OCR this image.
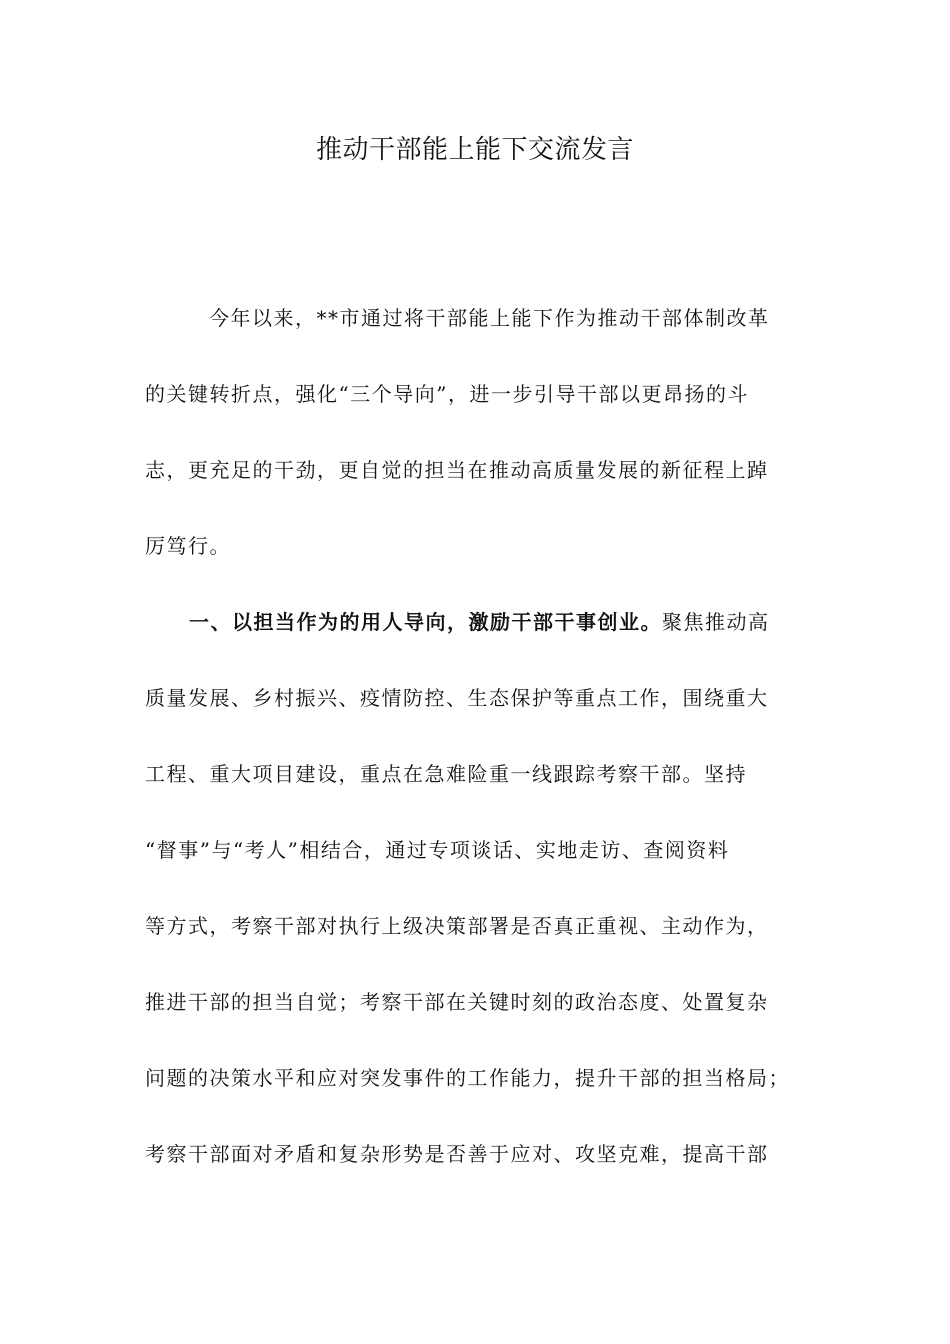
推动干部能上能下交流发言
今年以来，**市通过将干部能上能下作为推动干部体制改革
的关键转折点，强化“三个导向”，进一步引导干部以更昂扬的斗
志，更充足的干劲，更自觉的担当在推动高质量发展的新征程上踔
厉笃行。
一、以担当作为的用人导向，激励干部干事创业。聚焦推动高
质量发展、乡村振兴、疫情防控、生态保护等重点工作，围绕重大
工程、重大项目建设，重点在急难险重一线跟踪考察干部。坚持
“督事”与“考人”相结合，通过专项谈话、实地走访、查阅资料
等方式，考察干部对执行上级决策部署是否真正重视、主动作为，
推进干部的担当自觉；考察干部在关键时刻的政治态度、处置复杂
问题的决策水平和应对突发事件的工作能力，提升干部的担当格局；
考察干部面对矛盾和复杂形势是否善于应对、攻坚克难，提高干部
